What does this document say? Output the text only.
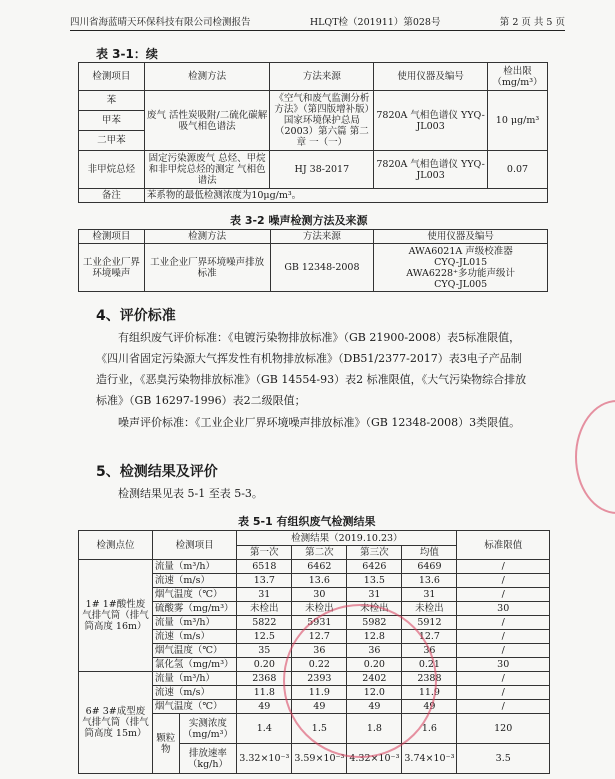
四川省海蓝晴天环保科技有限公司检测报告	HLQT检（201911）第028号	第 2 页 共 5 页
表 3-1：续
检测项目	检测方法	方法来源	使用仪器及编号	检出限（mg/m³）
苯	废气 活性炭吸附/二硫化碳解吸气相色谱法	《空气和废气监测分析方法》（第四版增补版）国家环境保护总局（2003）第六篇 第二章 一（一）	7820A 气相色谱仪 YYQ-JL003	10 μg/m³
甲苯				
二甲苯				
非甲烷总烃	固定污染源废气 总烃、甲烷和非甲烷总烃的测定 气相色谱法	HJ 38-2017	7820A 气相色谱仪 YYQ-JL003	0.07
备注	苯系物的最低检测浓度为10μg/m³。			
表 3-2 噪声检测方法及来源
检测项目	检测方法	方法来源	使用仪器及编号
工业企业厂界环境噪声	工业企业厂界环境噪声排放标准	GB 12348-2008	AWA6021A 声级校准器
CYQ-JL015
AWA6228⁺多功能声级计
CYQ-JL005
4、评价标准
有组织废气评价标准：《电镀污染物排放标准》（GB 21900-2008）表5标准限值，《四川省固定污染源大气挥发性有机物排放标准》（DB51/2377-2017）表3电子产品制造行业，《恶臭污染物排放标准》（GB 14554-93）表2 标准限值，《大气污染物综合排放标准》（GB 16297-1996）表2二级限值；
噪声评价标准：《工业企业厂界环境噪声排放标准》（GB 12348-2008）3类限值。
5、检测结果及评价
检测结果见表 5-1 至表 5-3。
表 5-1 有组织废气检测结果
检测点位	检测项目		检测结果（2019.10.23）				标准限值
			第一次	第二次	第三次	均值	
1# 1#酸性废气排气筒（排气筒高度 16m）	流量（m³/h）		6518	6462	6426	6469	/
	流速（m/s）		13.7	13.6	13.5	13.6	/
	烟气温度（℃）		31	30	31	31	/
	硫酸雾（mg/m³）		未检出	未检出	未检出	未检出	30
	流量（m³/h）		5822	5931	5982	5912	/
	流速（m/s）		12.5	12.7	12.8	12.7	/
	烟气温度（℃）		35	36	36	36	/
	氯化氢（mg/m³）		0.20	0.22	0.20	0.21	30
6# 3#成型废气排气筒（排气筒高度 15m）	流量（m³/h）		2368	2393	2402	2388	/
	流速（m/s）		11.8	11.9	12.0	11.9	/
	烟气温度（℃）		49	49	49	49	/
	颗粒物	实测浓度（mg/m³）	1.4	1.5	1.8	1.6	120
		排放速率（kg/h）	3.32×10⁻³	3.59×10⁻³	4.32×10⁻³	3.74×10⁻³	3.5
